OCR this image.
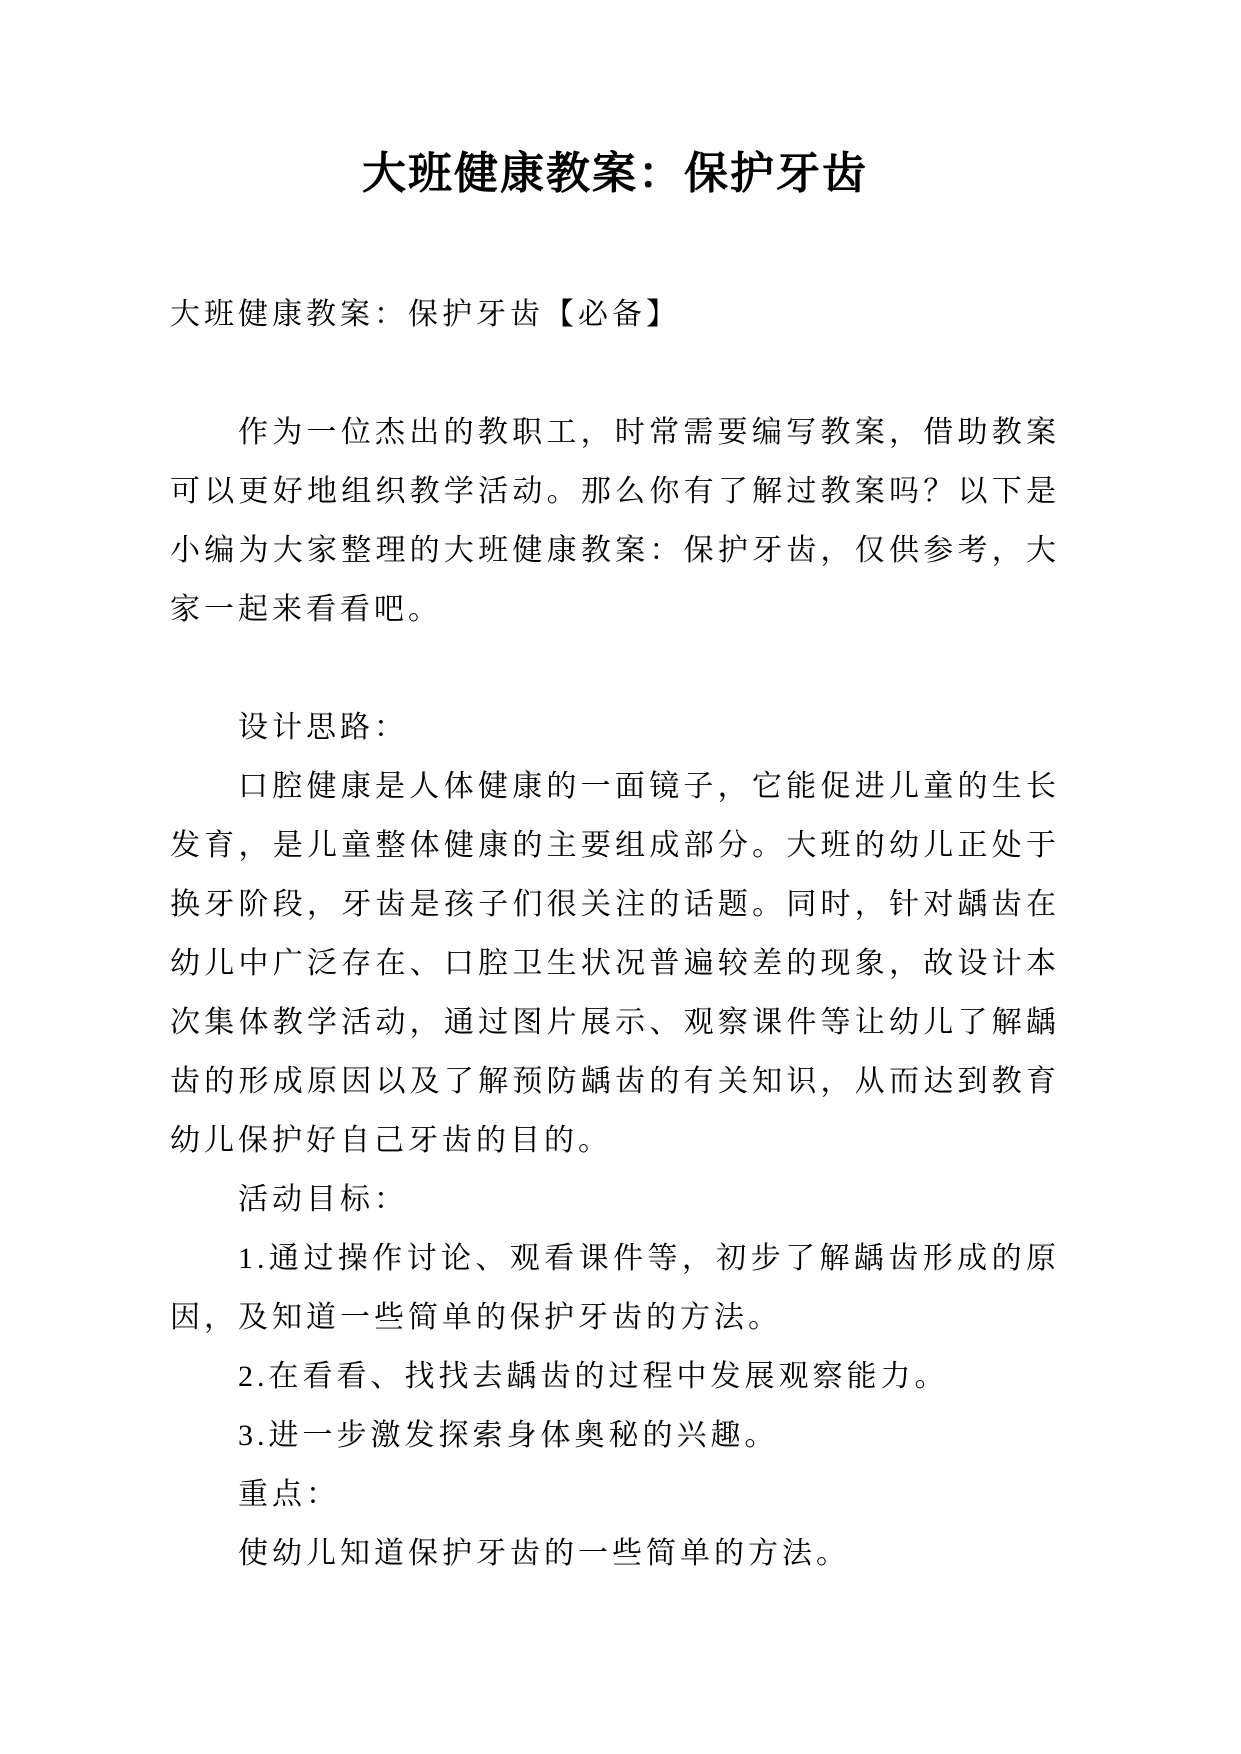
大班健康教案：保护牙齿

大班健康教案：保护牙齿【必备】

作为一位杰出的教职工，时常需要编写教案，借助教案可以更好地组织教学活动。那么你有了解过教案吗？以下是小编为大家整理的大班健康教案：保护牙齿，仅供参考，大家一起来看看吧。

设计思路：

口腔健康是人体健康的一面镜子，它能促进儿童的生长发育，是儿童整体健康的主要组成部分。大班的幼儿正处于换牙阶段，牙齿是孩子们很关注的话题。同时，针对龋齿在幼儿中广泛存在、口腔卫生状况普遍较差的现象，故设计本次集体教学活动，通过图片展示、观察课件等让幼儿了解龋齿的形成原因以及了解预防龋齿的有关知识，从而达到教育幼儿保护好自己牙齿的目的。

活动目标：

1.通过操作讨论、观看课件等，初步了解龋齿形成的原因，及知道一些简单的保护牙齿的方法。

2.在看看、找找去龋齿的过程中发展观察能力。

3.进一步激发探索身体奥秘的兴趣。

重点：

使幼儿知道保护牙齿的一些简单的方法。
